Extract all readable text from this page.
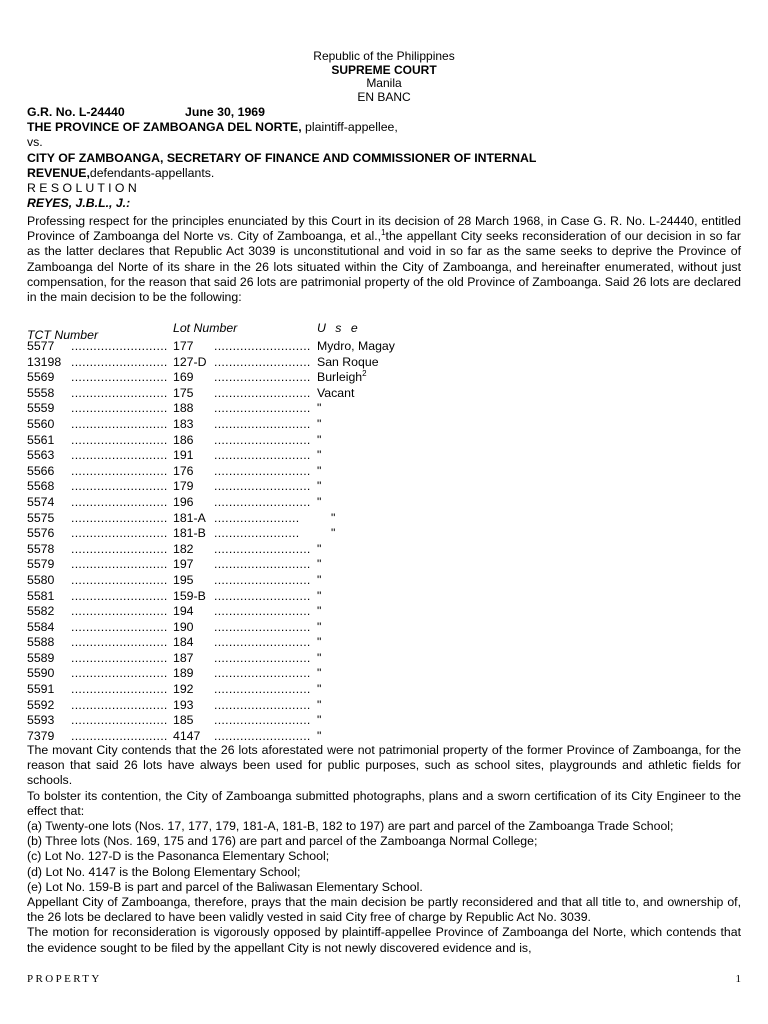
Republic of the Philippines
SUPREME COURT
Manila
EN BANC
G.R. No. L-24440	June 30, 1969
THE PROVINCE OF ZAMBOANGA DEL NORTE, plaintiff-appellee,
vs.
CITY OF ZAMBOANGA, SECRETARY OF FINANCE AND COMMISSIONER OF INTERNAL
REVENUE,defendants-appellants.
R E S O L U T I O N
REYES, J.B.L., J.:
Professing respect for the principles enunciated by this Court in its decision of 28 March 1968, in Case G. R. No. L-24440, entitled Province of Zamboanga del Norte vs. City of Zamboanga, et al.,$^1$the appellant City seeks reconsideration of our decision in so far as the latter declares that Republic Act 3039 is unconstitutional and void in so far as the same seeks to deprive the Province of Zamboanga del Norte of its share in the 26 lots situated within the City of Zamboanga, and hereinafter enumerated, without just compensation, for the reason that said 26 lots are patrimonial property of the old Province of Zamboanga. Said 26 lots are declared in the main decision to be the following:
TCT Number		Lot Number		U s e
5577	..........................	177	..........................	Mydro, Magay
13198	..........................	127-D	..........................	San Roque
5569	..........................	169	..........................	Burleigh$^2$
5558	..........................	175	..........................	Vacant
5559	..........................	188	..........................	"
5560	..........................	183	..........................	"
5561	..........................	186	..........................	"
5563	..........................	191	..........................	"
5566	..........................	176	..........................	"
5568	..........................	179	..........................	"
5574	..........................	196	..........................	"
5575	..........................	181-A	.......................	"
5576	..........................	181-B	.......................	"
5578	..........................	182	..........................	"
5579	..........................	197	..........................	"
5580	..........................	195	..........................	"
5581	..........................	159-B	..........................	"
5582	..........................	194	..........................	"
5584	..........................	190	..........................	"
5588	..........................	184	..........................	"
5589	..........................	187	..........................	"
5590	..........................	189	..........................	"
5591	..........................	192	..........................	"
5592	..........................	193	..........................	"
5593	..........................	185	..........................	"
7379	..........................	4147	..........................	"
The movant City contends that the 26 lots aforestated were not patrimonial property of the former Province of Zamboanga, for the reason that said 26 lots have always been used for public purposes, such as school sites, playgrounds and athletic fields for schools.
To bolster its contention, the City of Zamboanga submitted photographs, plans and a sworn certification of its City Engineer to the effect that:
(a) Twenty-one lots (Nos. 17, 177, 179, 181-A, 181-B, 182 to 197) are part and parcel of the Zamboanga Trade School;
(b) Three lots (Nos. 169, 175 and 176) are part and parcel of the Zamboanga Normal College;
(c) Lot No. 127-D is the Pasonanca Elementary School;
(d) Lot No. 4147 is the Bolong Elementary School;
(e) Lot No. 159-B is part and parcel of the Baliwasan Elementary School.
Appellant City of Zamboanga, therefore, prays that the main decision be partly reconsidered and that all title to, and ownership of, the 26 lots be declared to have been validly vested in said City free of charge by Republic Act No. 3039.
The motion for reconsideration is vigorously opposed by plaintiff-appellee Province of Zamboanga del Norte, which contends that the evidence sought to be filed by the appellant City is not newly discovered evidence and is,
PROPERTY	1
